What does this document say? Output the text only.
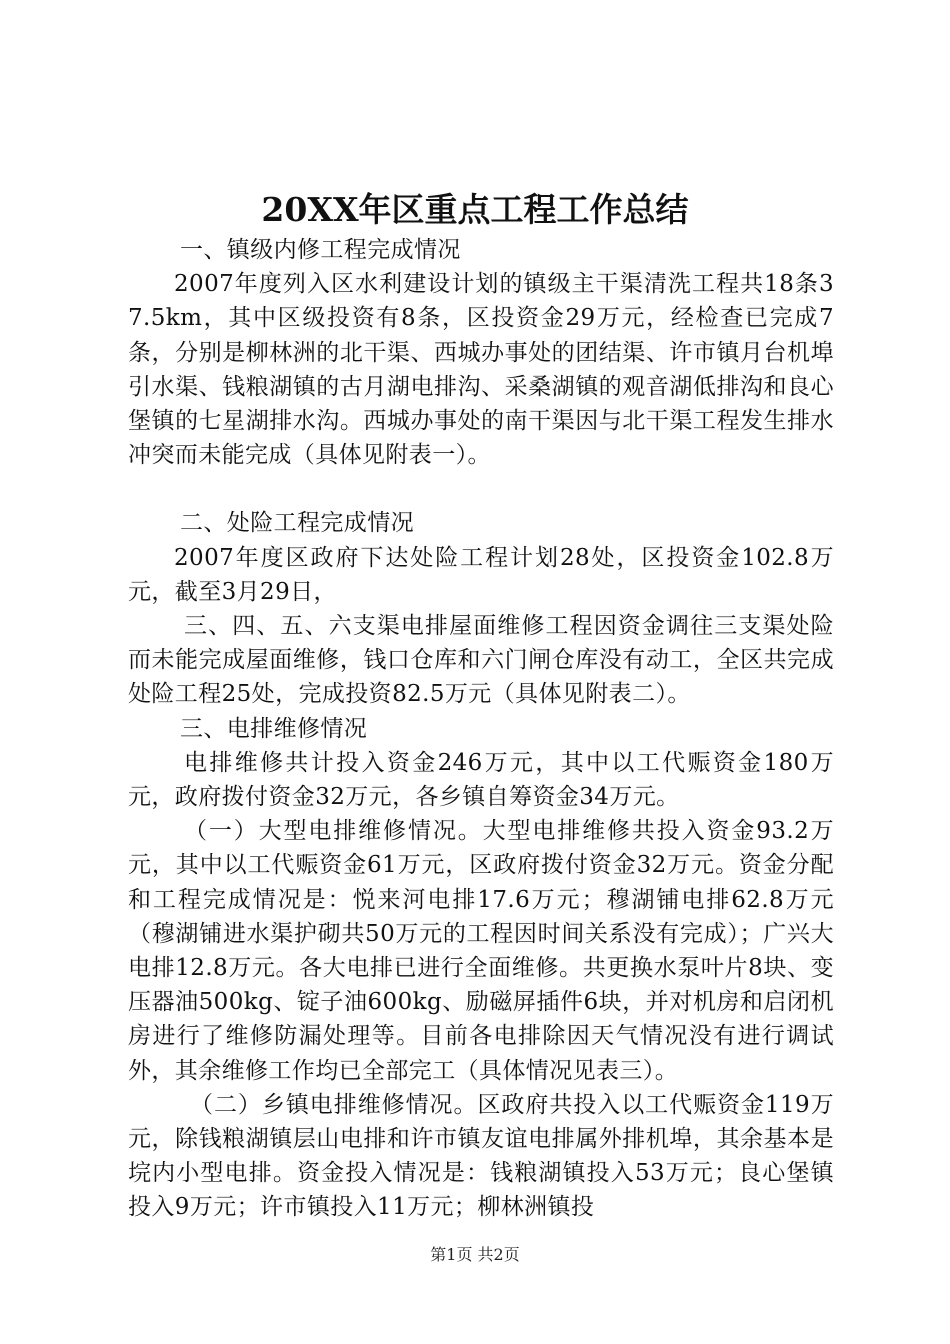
20XX年区重点工程工作总结

一、镇级内修工程完成情况

2007年度列入区水利建设计划的镇级主干渠清洗工程共18条37.5km，其中区级投资有8条，区投资金29万元，经检查已完成7条，分别是柳林洲的北干渠、西城办事处的团结渠、许市镇月台机埠引水渠、钱粮湖镇的古月湖电排沟、采桑湖镇的观音湖低排沟和良心堡镇的七星湖排水沟。西城办事处的南干渠因与北干渠工程发生排水冲突而未能完成（具体见附表一）。

二、处险工程完成情况

2007年度区政府下达处险工程计划28处，区投资金102.8万元，截至3月29日，

三、四、五、六支渠电排屋面维修工程因资金调往三支渠处险而未能完成屋面维修，钱口仓库和六门闸仓库没有动工，全区共完成处险工程25处，完成投资82.5万元（具体见附表二）。

三、电排维修情况

电排维修共计投入资金246万元，其中以工代赈资金180万元，政府拨付资金32万元，各乡镇自筹资金34万元。

（一）大型电排维修情况。大型电排维修共投入资金93.2万元，其中以工代赈资金61万元，区政府拨付资金32万元。资金分配和工程完成情况是：悦来河电排17.6万元；穆湖铺电排62.8万元（穆湖铺进水渠护砌共50万元的工程因时间关系没有完成）；广兴大电排12.8万元。各大电排已进行全面维修。共更换水泵叶片8块、变压器油500kg、锭子油600kg、励磁屏插件6块，并对机房和启闭机房进行了维修防漏处理等。目前各电排除因天气情况没有进行调试外，其余维修工作均已全部完工（具体情况见表三）。

（二）乡镇电排维修情况。区政府共投入以工代赈资金119万元，除钱粮湖镇层山电排和许市镇友谊电排属外排机埠，其余基本是垸内小型电排。资金投入情况是：钱粮湖镇投入53万元；良心堡镇投入9万元；许市镇投入11万元；柳林洲镇投

第1页 共2页
